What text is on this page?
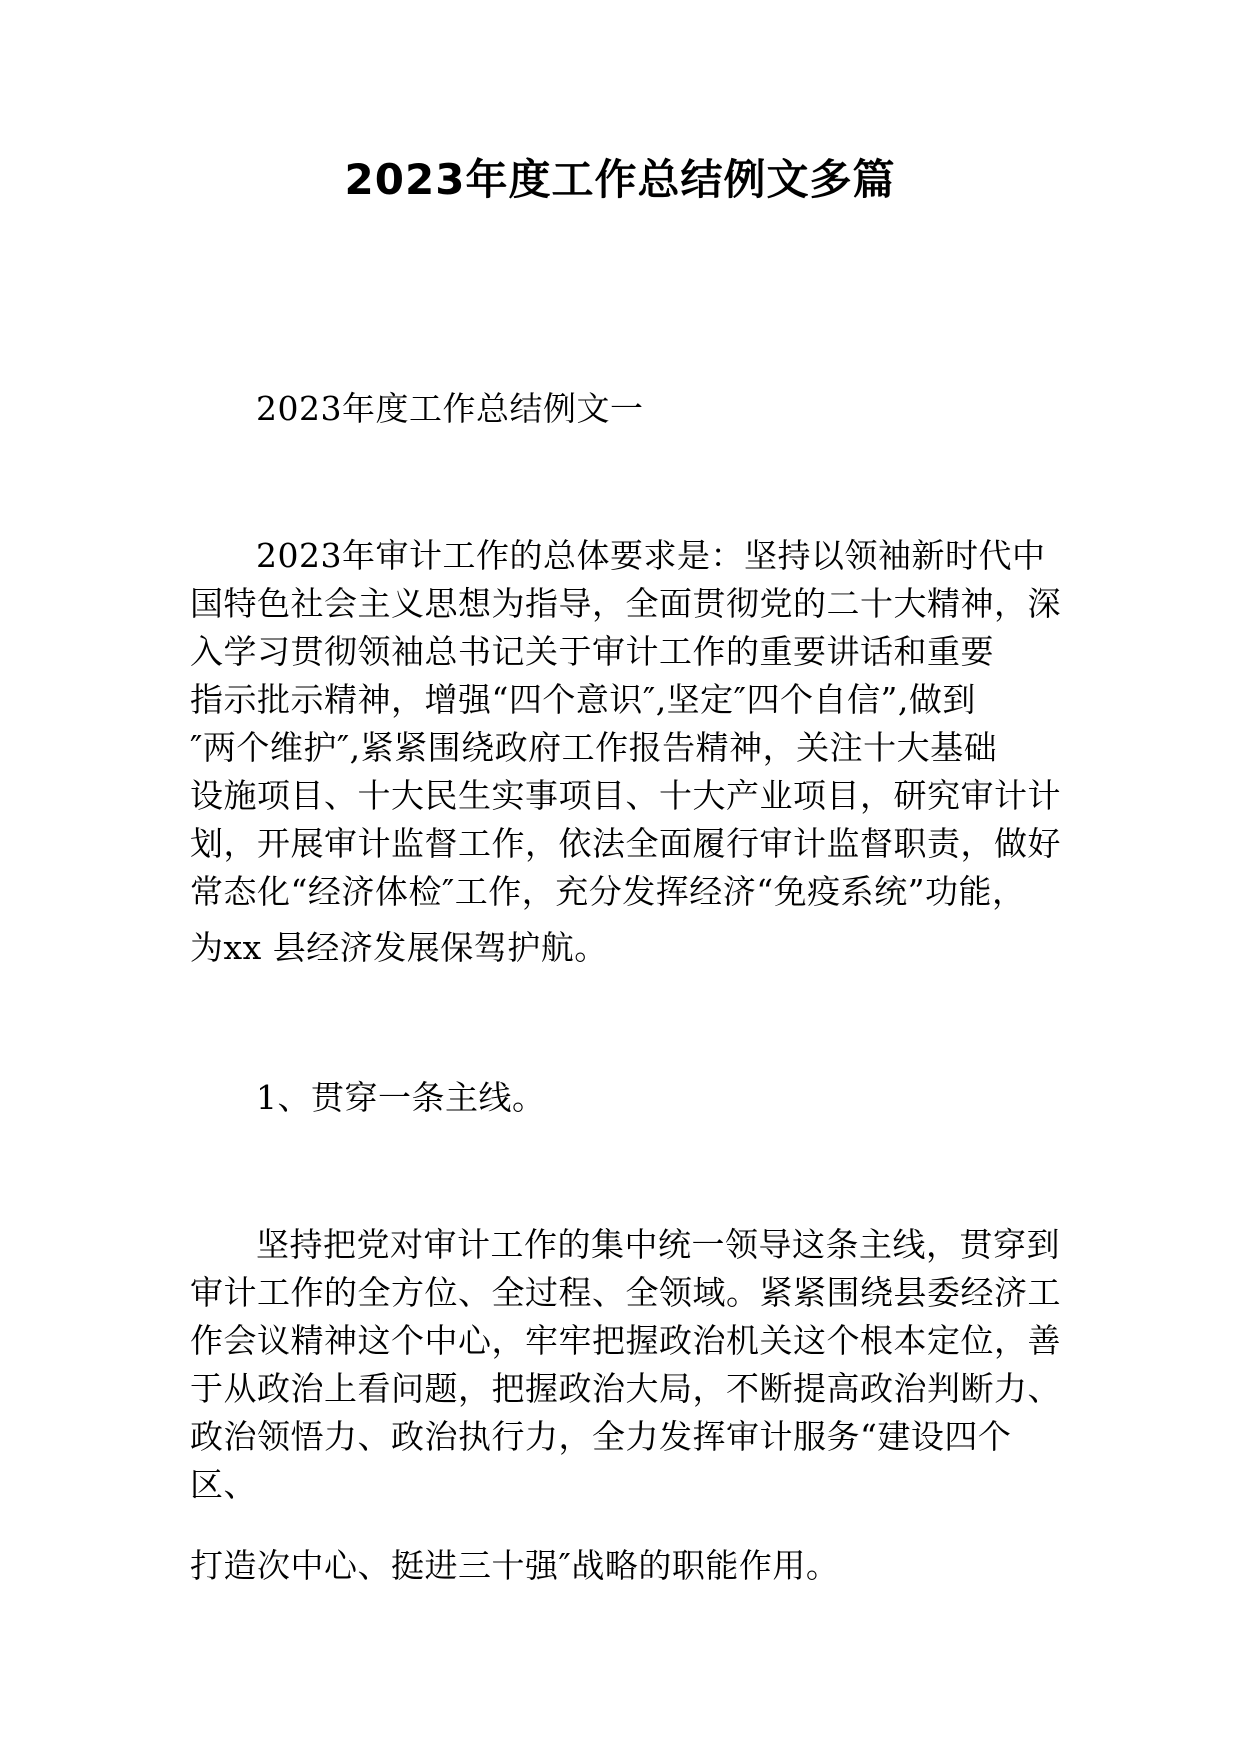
2023年度工作总结例文多篇

2023年度工作总结例文一

2023年审计工作的总体要求是：坚持以领袖新时代中

国特色社会主义思想为指导，全面贯彻党的二十大精神，深

入学习贯彻领袖总书记关于审计工作的重要讲话和重要

指示批示精神，增强“四个意识″,坚定″四个自信”,做到

″两个维护″,紧紧围绕政府工作报告精神，关注十大基础

设施项目、十大民生实事项目、十大产业项目，研究审计计

划，开展审计监督工作，依法全面履行审计监督职责，做好

常态化“经济体检″工作，充分发挥经济“免疫系统”功能，

为xx 县经济发展保驾护航。

1、贯穿一条主线。

坚持把党对审计工作的集中统一领导这条主线，贯穿到

审计工作的全方位、全过程、全领域。紧紧围绕县委经济工

作会议精神这个中心，牢牢把握政治机关这个根本定位，善

于从政治上看问题，把握政治大局，不断提高政治判断力、

政治领悟力、政治执行力，全力发挥审计服务“建设四个

区、

打造次中心、挺进三十强″战略的职能作用。
